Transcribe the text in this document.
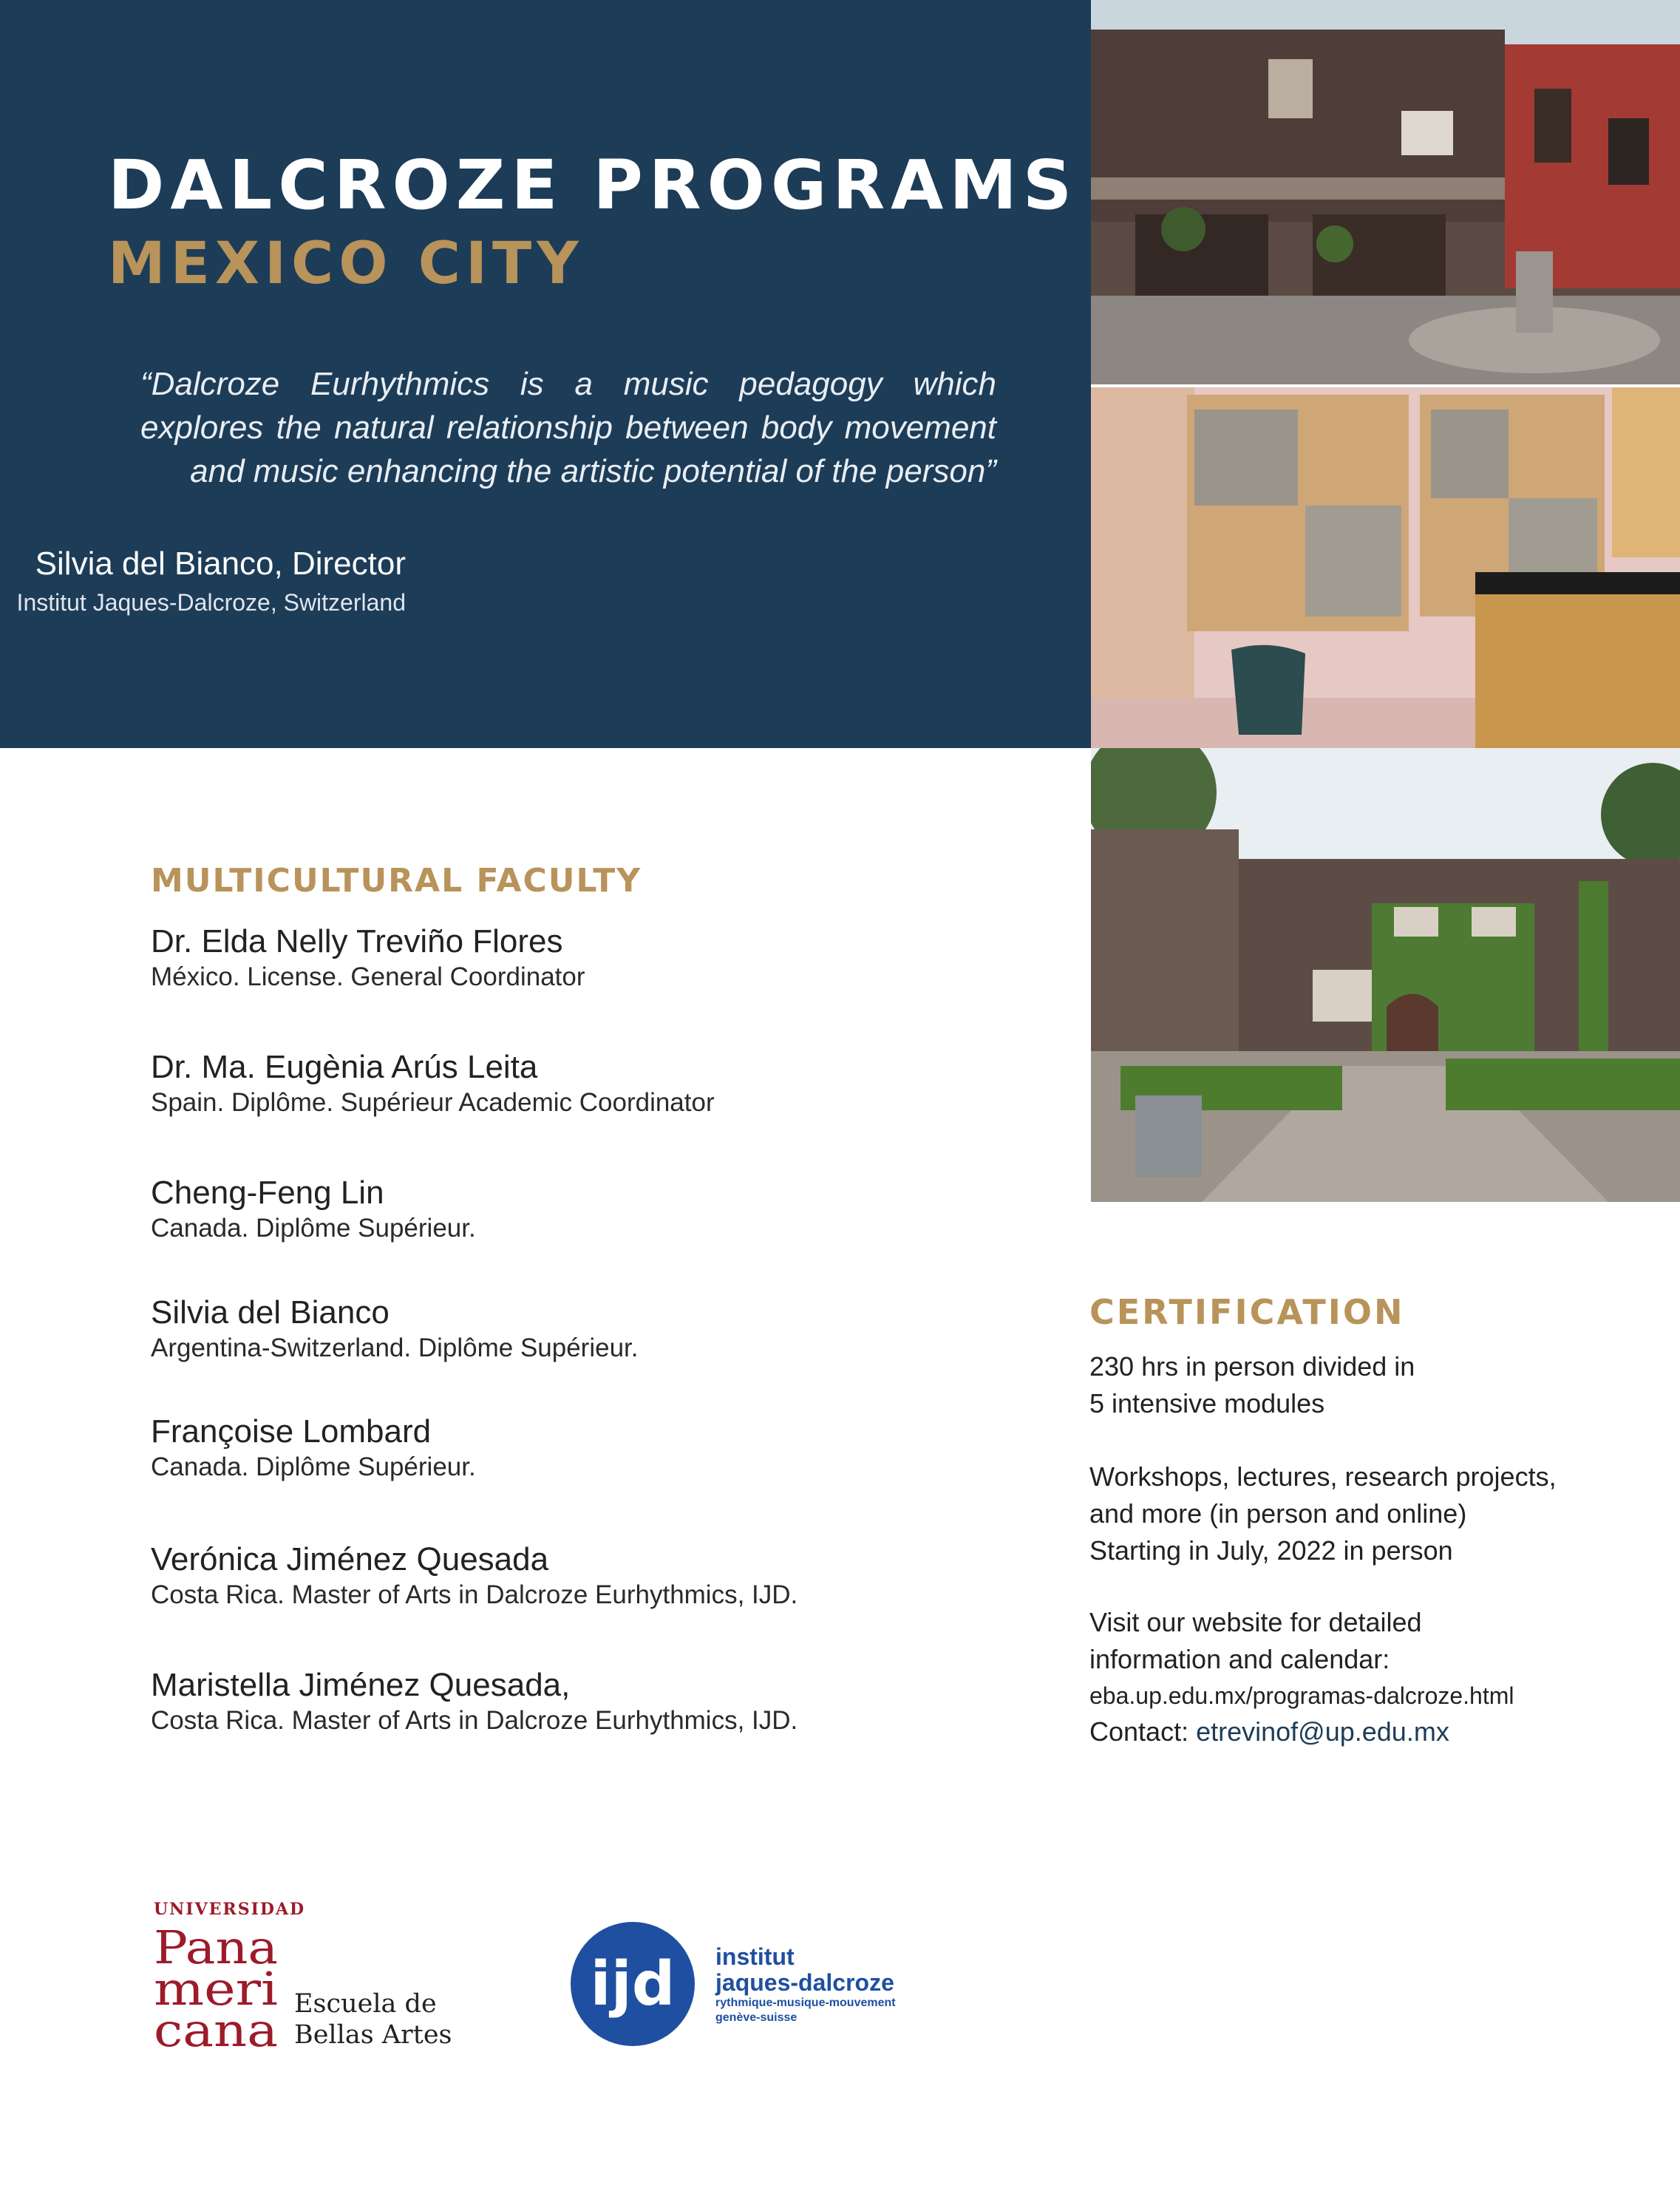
DALCROZE PROGRAMS
MEXICO CITY

“Dalcroze Eurhythmics is a music pedagogy which explores the natural relationship between body movement and music enhancing the artistic potential of the person”

Silvia del Bianco, Director

Institut Jaques-Dalcroze, Switzerland

MULTICULTURAL FACULTY
Dr. Elda Nelly Treviño Flores
México. License. General Coordinator
Dr. Ma. Eugènia Arús Leita
Spain. Diplôme. Supérieur Academic Coordinator
Cheng-Feng Lin
Canada. Diplôme Supérieur.
Silvia del Bianco
Argentina-Switzerland. Diplôme Supérieur.
Françoise Lombard
Canada. Diplôme Supérieur.
Verónica Jiménez Quesada
Costa Rica. Master of Arts in Dalcroze Eurhythmics, IJD.
Maristella Jiménez Quesada,
Costa Rica. Master of Arts in Dalcroze Eurhythmics, IJD.
CERTIFICATION

230 hrs in person divided in

5 intensive modules

Workshops, lectures, research projects,

and more (in person and online)

Starting in July, 2022 in person

Visit our website for detailed

information and calendar:

eba.up.edu.mx/programas-dalcroze.html

Contact: etrevinof@up.edu.mx

UNIVERSIDAD
Pana
meri
cana Escuela de
Bellas Artes
ijd institut
jaques-dalcroze
rythmique-musique-mouvement
genève-suisse
